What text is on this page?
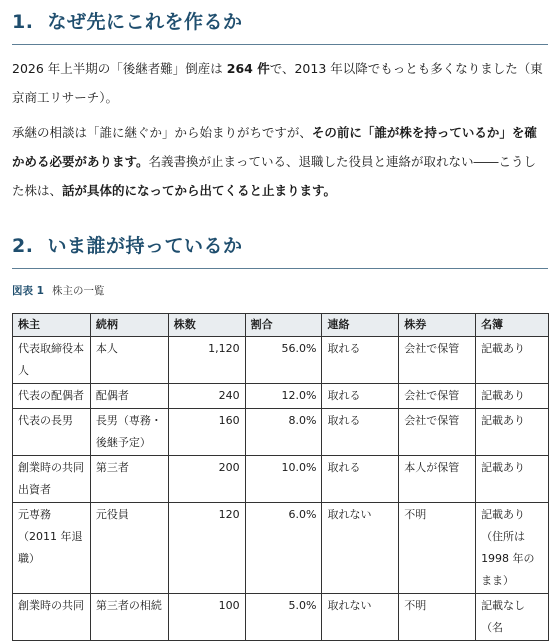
1. なぜ先にこれを作るか

2026 年上半期の「後継者難」倒産は 264 件で、2013 年以降でもっとも多くなりました（東京商工リサーチ）。

承継の相談は「誰に継ぐか」から始まりがちですが、その前に「誰が株を持っているか」を確かめる必要があります。名義書換が止まっている、退職した役員と連絡が取れない――こうした株は、話が具体的になってから出てくると止まります。

2. いま誰が持っているか
図表 1 株主の一覧
株主	続柄	株数	割合	連絡	株券	名簿
代表取締役本人	本人	1,120	56.0%	取れる	会社で保管	記載あり
代表の配偶者	配偶者	240	12.0%	取れる	会社で保管	記載あり
代表の長男	長男（専務・後継予定）	160	8.0%	取れる	会社で保管	記載あり
創業時の共同出資者	第三者	200	10.0%	取れる	本人が保管	記載あり
元専務（2011 年退職）	元役員	120	6.0%	取れない	不明	記載あり（住所は 1998 年のまま）
創業時の共同	第三者の相続	100	5.0%	取れない	不明	記載なし（名
